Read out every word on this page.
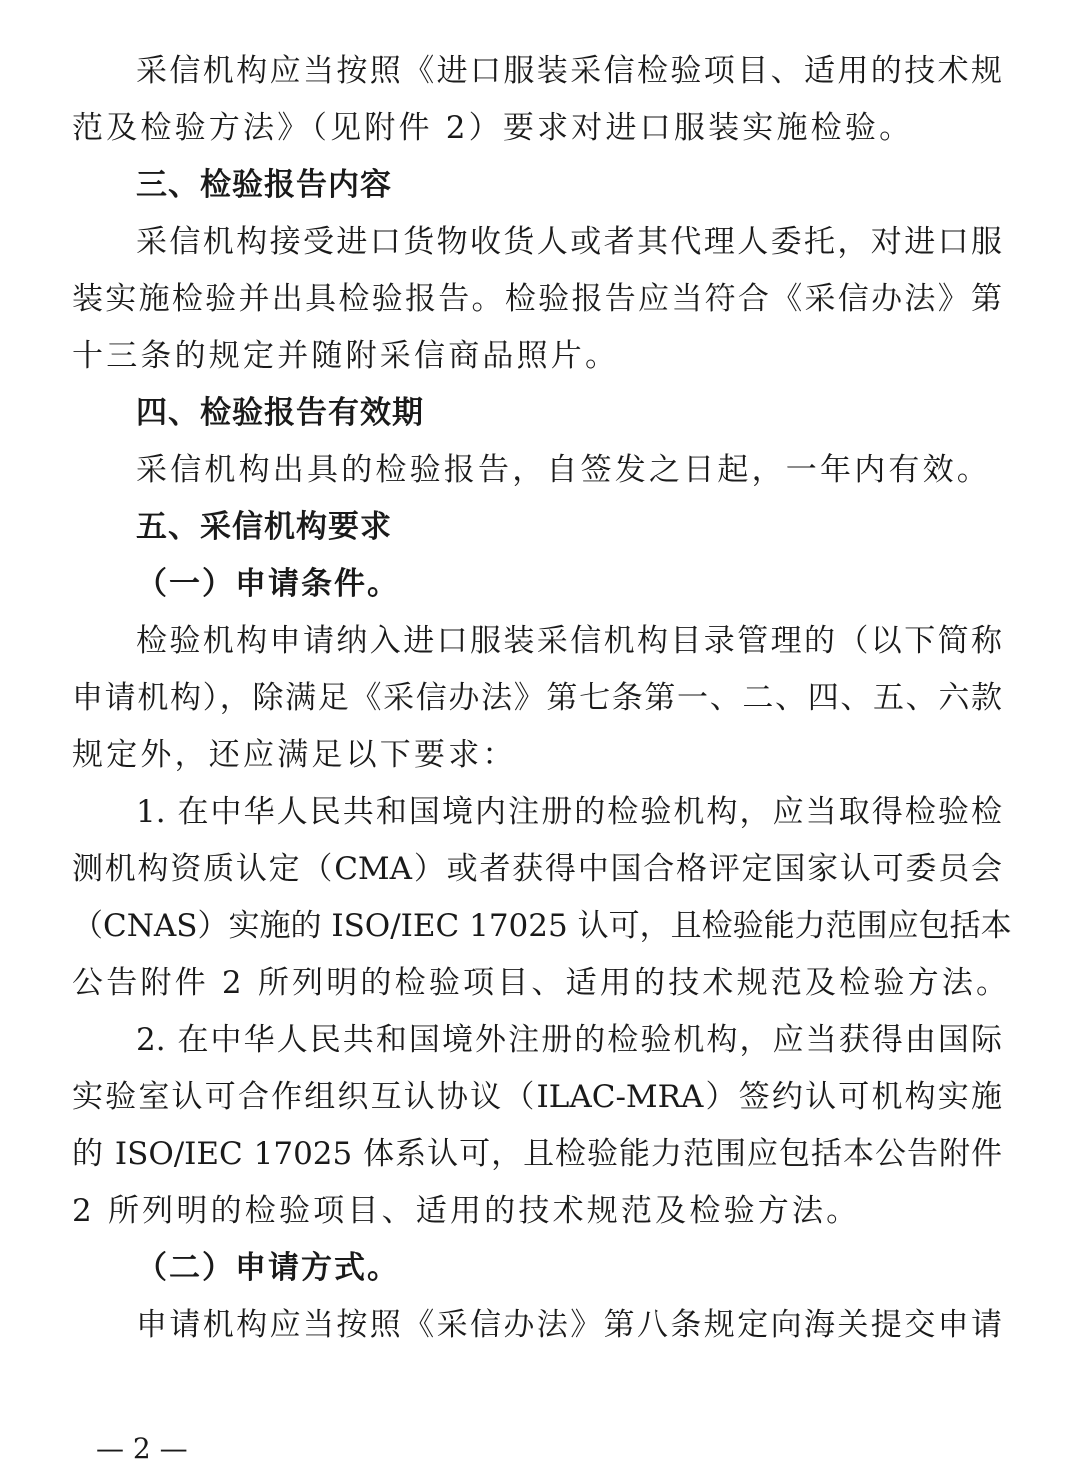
采信机构应当按照《进口服装采信检验项目、适用的技术规
范及检验方法》（见附件 2）要求对进口服装实施检验。
三、检验报告内容
采信机构接受进口货物收货人或者其代理人委托，对进口服
装实施检验并出具检验报告。检验报告应当符合《采信办法》第
十三条的规定并随附采信商品照片。
四、检验报告有效期
采信机构出具的检验报告，自签发之日起，一年内有效。
五、采信机构要求
（一）申请条件。
检验机构申请纳入进口服装采信机构目录管理的（以下简称
申请机构），除满足《采信办法》第七条第一、二、四、五、六款
规定外，还应满足以下要求：
1. 在中华人民共和国境内注册的检验机构，应当取得检验检
测机构资质认定（CMA）或者获得中国合格评定国家认可委员会
（CNAS）实施的 ISO/IEC 17025 认可，且检验能力范围应包括本
公告附件 2 所列明的检验项目、适用的技术规范及检验方法。
2. 在中华人民共和国境外注册的检验机构，应当获得由国际
实验室认可合作组织互认协议（ILAC-MRA）签约认可机构实施
的 ISO/IEC 17025 体系认可，且检验能力范围应包括本公告附件
2 所列明的检验项目、适用的技术规范及检验方法。
（二）申请方式。
申请机构应当按照《采信办法》第八条规定向海关提交申请
— 2 —
